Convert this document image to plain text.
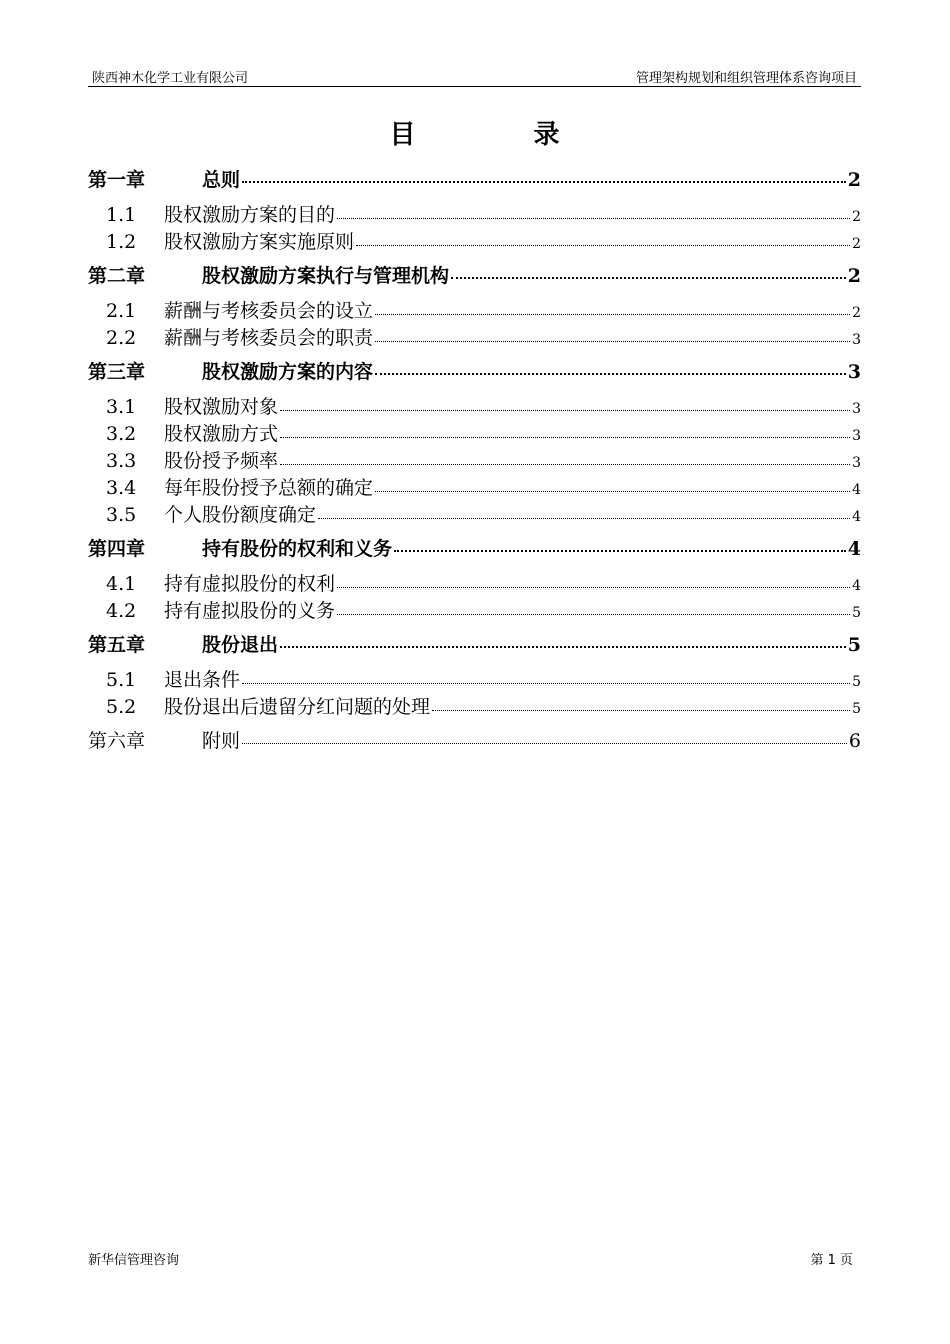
陕西神木化学工业有限公司	管理架构规划和组织管理体系咨询项目
目	录
第一章	总则	2
1.1	股权激励方案的目的	2
1.2	股权激励方案实施原则	2
第二章	股权激励方案执行与管理机构	2
2.1	薪酬与考核委员会的设立	2
2.2	薪酬与考核委员会的职责	3
第三章	股权激励方案的内容	3
3.1	股权激励对象	3
3.2	股权激励方式	3
3.3	股份授予频率	3
3.4	每年股份授予总额的确定	4
3.5	个人股份额度确定	4
第四章	持有股份的权利和义务	4
4.1	持有虚拟股份的权利	4
4.2	持有虚拟股份的义务	5
第五章	股份退出	5
5.1	退出条件	5
5.2	股份退出后遗留分红问题的处理	5
第六章	附则	6
新华信管理咨询	第 1 页
